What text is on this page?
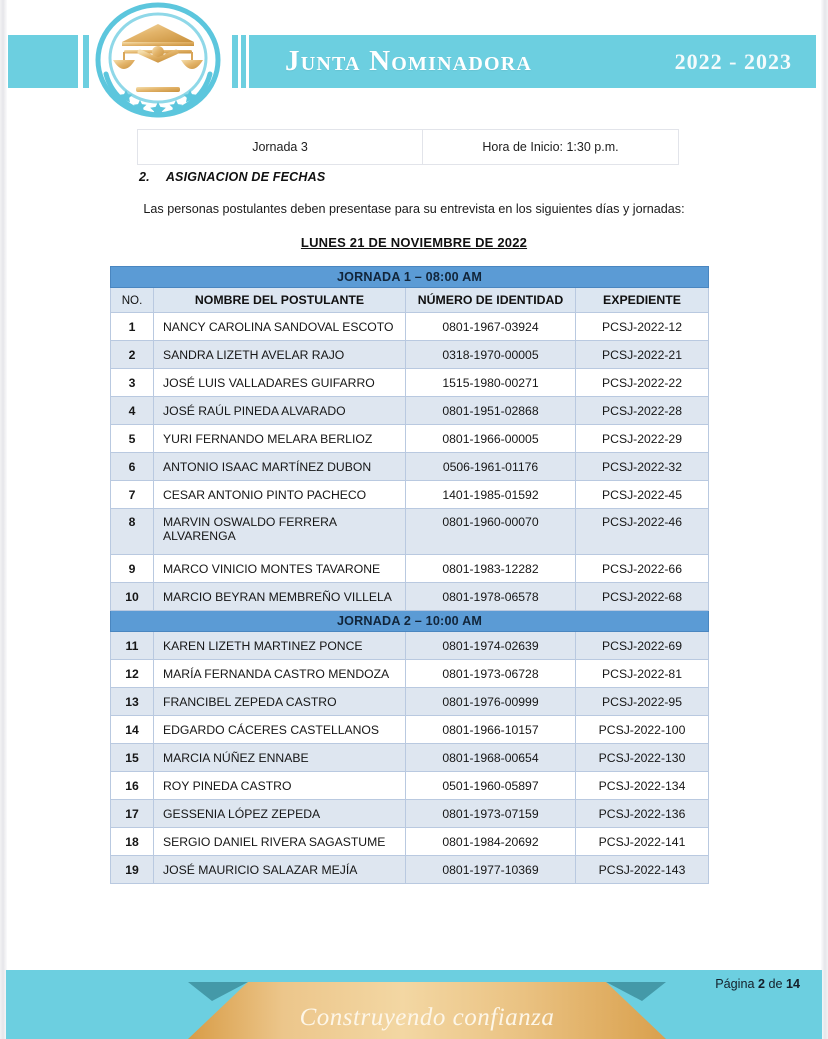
Junta Nominadora	2022 - 2023
Jornada 3	Hora de Inicio: 1:30 p.m.
2. ASIGNACION DE FECHAS
Las personas postulantes deben presentase para su entrevista en los siguientes días y jornadas:
LUNES 21 DE NOVIEMBRE DE 2022
JORNADA 1 – 08:00 AM			
NO.	NOMBRE DEL POSTULANTE	NÚMERO DE IDENTIDAD	EXPEDIENTE
1	NANCY CAROLINA SANDOVAL ESCOTO	0801-1967-03924	PCSJ-2022-12
2	SANDRA LIZETH AVELAR RAJO	0318-1970-00005	PCSJ-2022-21
3	JOSÉ LUIS VALLADARES GUIFARRO	1515-1980-00271	PCSJ-2022-22
4	JOSÉ RAÚL PINEDA ALVARADO	0801-1951-02868	PCSJ-2022-28
5	YURI FERNANDO MELARA BERLIOZ	0801-1966-00005	PCSJ-2022-29
6	ANTONIO ISAAC MARTÍNEZ DUBON	0506-1961-01176	PCSJ-2022-32
7	CESAR ANTONIO PINTO PACHECO	1401-1985-01592	PCSJ-2022-45
8	MARVIN OSWALDO FERRERA ALVARENGA	0801-1960-00070	PCSJ-2022-46
9	MARCO VINICIO MONTES TAVARONE	0801-1983-12282	PCSJ-2022-66
10	MARCIO BEYRAN MEMBREÑO VILLELA	0801-1978-06578	PCSJ-2022-68
JORNADA 2 – 10:00 AM			
11	KAREN LIZETH MARTINEZ PONCE	0801-1974-02639	PCSJ-2022-69
12	MARÍA FERNANDA CASTRO MENDOZA	0801-1973-06728	PCSJ-2022-81
13	FRANCIBEL ZEPEDA CASTRO	0801-1976-00999	PCSJ-2022-95
14	EDGARDO CÁCERES CASTELLANOS	0801-1966-10157	PCSJ-2022-100
15	MARCIA NÚÑEZ ENNABE	0801-1968-00654	PCSJ-2022-130
16	ROY PINEDA CASTRO	0501-1960-05897	PCSJ-2022-134
17	GESSENIA LÓPEZ ZEPEDA	0801-1973-07159	PCSJ-2022-136
18	SERGIO DANIEL RIVERA SAGASTUME	0801-1984-20692	PCSJ-2022-141
19	JOSÉ MAURICIO SALAZAR MEJÍA	0801-1977-10369	PCSJ-2022-143
Construyendo confianza
Página 2 de 14
